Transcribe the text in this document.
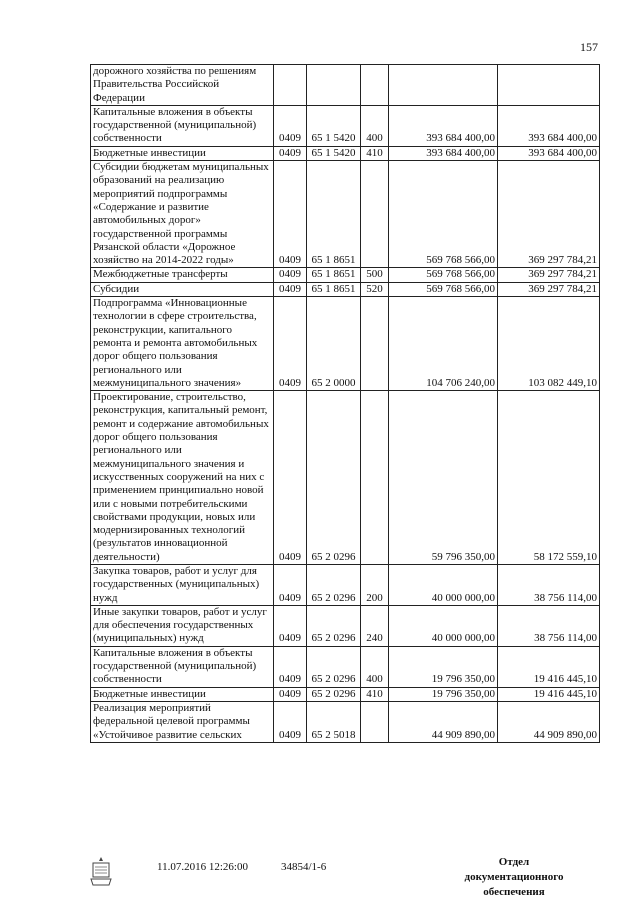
157
дорожного хозяйства по решениям Правительства Российской Федерации					
Капитальные вложения в объекты государственной (муниципальной) собственности	0409	65 1 5420	400	393 684 400,00	393 684 400,00
Бюджетные инвестиции	0409	65 1 5420	410	393 684 400,00	393 684 400,00
Субсидии бюджетам муниципальных образований на реализацию мероприятий подпрограммы «Содержание и развитие автомобильных дорог» государственной программы Рязанской области «Дорожное хозяйство на 2014-2022 годы»	0409	65 1 8651		569 768 566,00	369 297 784,21
Межбюджетные трансферты	0409	65 1 8651	500	569 768 566,00	369 297 784,21
Субсидии	0409	65 1 8651	520	569 768 566,00	369 297 784,21
Подпрограмма «Инновационные технологии в сфере строительства, реконструкции, капитального ремонта и ремонта автомобильных дорог общего пользования регионального или межмуниципального значения»	0409	65 2 0000		104 706 240,00	103 082 449,10
Проектирование, строительство, реконструкция, капитальный ремонт, ремонт и содержание автомобильных дорог общего пользования регионального или межмуниципального значения и искусственных сооружений на них с применением принципиально новой или с новыми потребительскими свойствами продукции, новых или модернизированных технологий (результатов инновационной деятельности)	0409	65 2 0296		59 796 350,00	58 172 559,10
Закупка товаров, работ и услуг для государственных (муниципальных) нужд	0409	65 2 0296	200	40 000 000,00	38 756 114,00
Иные закупки товаров, работ и услуг для обеспечения государственных (муниципальных) нужд	0409	65 2 0296	240	40 000 000,00	38 756 114,00
Капитальные вложения в объекты государственной (муниципальной) собственности	0409	65 2 0296	400	19 796 350,00	19 416 445,10
Бюджетные инвестиции	0409	65 2 0296	410	19 796 350,00	19 416 445,10
Реализация мероприятий федеральной целевой программы «Устойчивое развитие сельских	0409	65 2 5018		44 909 890,00	44 909 890,00
11.07.2016 12:26:00	34854/1-6	Отдел документационного
обеспечения
